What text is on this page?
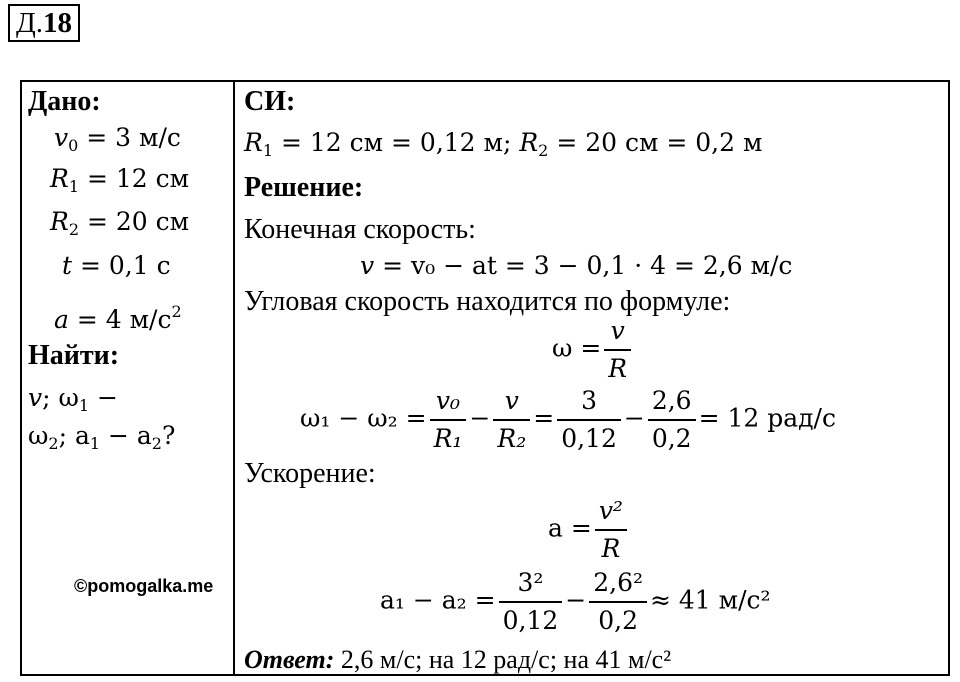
Д.18
Дано:
$v_0 = 3$ м/с
$R_1 = 12$ см
$R_2 = 20$ см
t = 0,1 с
a = 4 $м/с^2$
Найти:
v; $\omega_1$ −
$\omega_2$; $a_1 - a_2$?
©pomogalka.me
СИ:
$R_1 = 12$ см = 0,12 м; $R_2 = 20$ см = 0,2 м
Решение:
Конечная скорость:
v = v₀ − at = 3 − 0,1 · 4 = 2,6 м/с
Угловая скорость находится по формуле:
$\omega = \frac{v}{R}$
$\omega_1 - \omega_2 = \frac{\text{v₀}}{\text{R₁}} - \frac{v}{\text{R₂}} = \frac{3}{0,12} - \frac{2,6}{0,2} = 12$ рад/с
Ускорение:
$a = \frac{\text{v²}}{R}$
$a_1 - a_2 = \frac{\text{3²}}{0,12} - \frac{\text{2,6²}}{0,2} \approx 41$ м/с²
Ответ: 2,6 м/с; на 12 рад/с; на 41 м/с²
